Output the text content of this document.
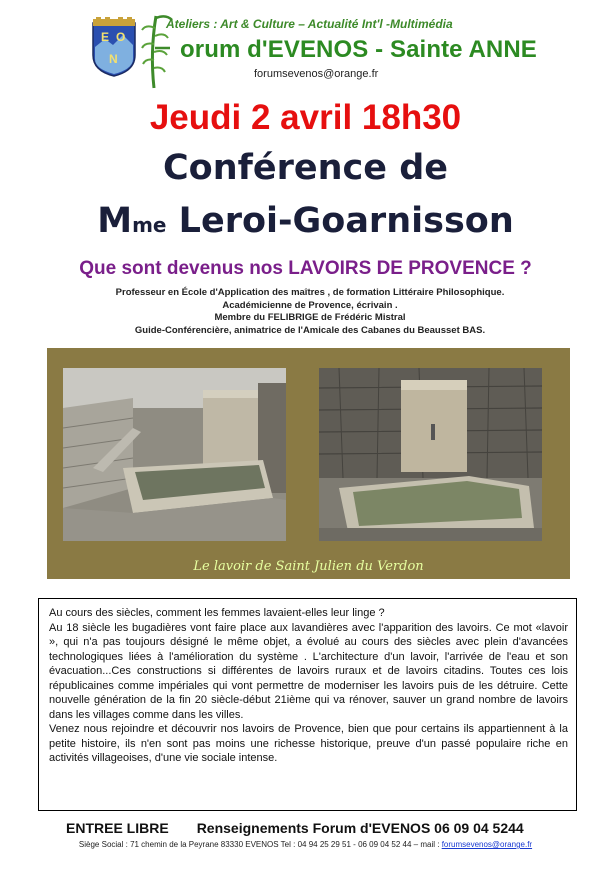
E O
N
Ateliers : Art & Culture – Actualité Int'l -Multimédia
orum d'EVENOS - Sainte ANNE
forumsevenos@orange.fr
Jeudi 2 avril 18h30
Conférence de
Mme Leroi-Goarnisson
Que sont devenus nos LAVOIRS DE PROVENCE ?
Professeur en École d'Application des maîtres , de formation Littéraire Philosophique.
Académicienne de Provence, écrivain .
Membre du FELIBRIGE de Frédéric Mistral
Guide-Conférencière, animatrice de l'Amicale des Cabanes du Beausset BAS.
Le lavoir de Saint Julien du Verdon

Au cours des siècles, comment les femmes lavaient-elles leur linge ?

Au 18 siècle les bugadières vont faire place aux lavandières avec l'apparition des lavoirs. Ce mot «lavoir », qui n'a pas toujours désigné le même objet, a évolué au cours des siècles avec plein d'avancées technologiques liées à l'amélioration du système . L'architecture d'un lavoir, l'arrivée de l'eau et son évacuation...Ces constructions si différentes de lavoirs ruraux et de lavoirs citadins. Toutes ces lois républicaines comme impériales qui vont permettre de moderniser les lavoirs puis de les détruire. Cette nouvelle génération de la fin 20 siècle-début 21ième qui va rénover, sauver un grand nombre de lavoirs dans les villages comme dans les villes.

Venez nous rejoindre et découvrir nos lavoirs de Provence, bien que pour certains ils appartiennent à la petite histoire, ils n'en sont pas moins une richesse historique, preuve d'un passé populaire riche en activités villageoises, d'une vie sociale intense.

ENTREE LIBRE Renseignements Forum d'EVENOS 06 09 04 5244
Siège Social : 71 chemin de la Peyrane 83330 EVENOS Tel : 04 94 25 29 51 - 06 09 04 52 44 – mail : forumsevenos@orange.fr
